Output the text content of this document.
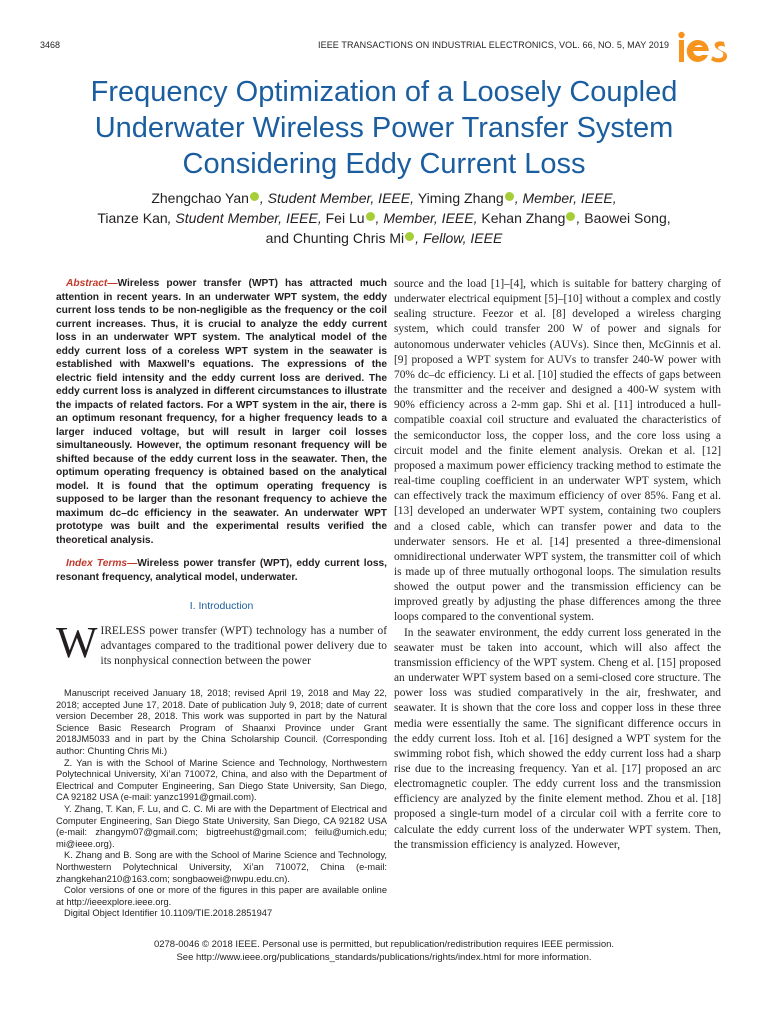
3468	IEEE TRANSACTIONS ON INDUSTRIAL ELECTRONICS, VOL. 66, NO. 5, MAY 2019
Frequency Optimization of a Loosely Coupled
Underwater Wireless Power Transfer System
Considering Eddy Current Loss
Zhengchao Yan , Student Member, IEEE, Yiming Zhang , Member, IEEE,
Tianze Kan, Student Member, IEEE, Fei Lu , Member, IEEE, Kehan Zhang , Baowei Song,
and Chunting Chris Mi , Fellow, IEEE

Abstract—Wireless power transfer (WPT) has attracted much attention in recent years. In an underwater WPT system, the eddy current loss tends to be non-negligible as the frequency or the coil current increases. Thus, it is crucial to analyze the eddy current loss in an underwater WPT system. The analytical model of the eddy current loss of a coreless WPT system in the seawater is established with Maxwell’s equations. The expressions of the electric field intensity and the eddy current loss are derived. The eddy current loss is analyzed in different circumstances to illustrate the impacts of related factors. For a WPT system in the air, there is an optimum resonant frequency, for a higher frequency leads to a larger induced voltage, but will result in larger coil losses simultaneously. However, the optimum resonant frequency will be shifted because of the eddy current loss in the seawater. Then, the optimum operating frequency is obtained based on the analytical model. It is found that the optimum operating frequency is supposed to be larger than the resonant frequency to achieve the maximum dc–dc efficiency in the seawater. An underwater WPT prototype was built and the experimental results verified the theoretical analysis.

Index Terms—Wireless power transfer (WPT), eddy current loss, resonant frequency, analytical model, underwater.

I. Introduction

WIRELESS power transfer (WPT) technology has a number of advantages compared to the traditional power delivery due to its nonphysical connection between the power

Manuscript received January 18, 2018; revised April 19, 2018 and May 22, 2018; accepted June 17, 2018. Date of publication July 9, 2018; date of current version December 28, 2018. This work was supported in part by the Natural Science Basic Research Program of Shaanxi Province under Grant 2018JM5033 and in part by the China Scholarship Council. (Corresponding author: Chunting Chris Mi.)

Z. Yan is with the School of Marine Science and Technology, Northwestern Polytechnical University, Xi’an 710072, China, and also with the Department of Electrical and Computer Engineering, San Diego State University, San Diego, CA 92182 USA (e-mail: yanzc1991@gmail.com).

Y. Zhang, T. Kan, F. Lu, and C. C. Mi are with the Department of Electrical and Computer Engineering, San Diego State University, San Diego, CA 92182 USA (e-mail: zhangym07@gmail.com; bigtreehust@gmail.com; feilu@umich.edu; mi@ieee.org).

K. Zhang and B. Song are with the School of Marine Science and Technology, Northwestern Polytechnical University, Xi’an 710072, China (e-mail: zhangkehan210@163.com; songbaowei@nwpu.edu.cn).

Color versions of one or more of the figures in this paper are available online at http://ieeexplore.ieee.org.

Digital Object Identifier 10.1109/TIE.2018.2851947

source and the load [1]–[4], which is suitable for battery charging of underwater electrical equipment [5]–[10] without a complex and costly sealing structure. Feezor et al. [8] developed a wireless charging system, which could transfer 200 W of power and signals for autonomous underwater vehicles (AUVs). Since then, McGinnis et al. [9] proposed a WPT system for AUVs to transfer 240-W power with 70% dc–dc efficiency. Li et al. [10] studied the effects of gaps between the transmitter and the receiver and designed a 400-W system with 90% efficiency across a 2-mm gap. Shi et al. [11] introduced a hull-compatible coaxial coil structure and evaluated the characteristics of the semiconductor loss, the copper loss, and the core loss using a circuit model and the finite element analysis. Orekan et al. [12] proposed a maximum power efficiency tracking method to estimate the real-time coupling coefficient in an underwater WPT system, which can effectively track the maximum efficiency of over 85%. Fang et al. [13] developed an underwater WPT system, containing two couplers and a closed cable, which can transfer power and data to the underwater sensors. He et al. [14] presented a three-dimensional omnidirectional underwater WPT system, the transmitter coil of which is made up of three mutually orthogonal loops. The simulation results showed the output power and the transmission efficiency can be improved greatly by adjusting the phase differences among the three loops compared to the conventional system.

In the seawater environment, the eddy current loss generated in the seawater must be taken into account, which will also affect the transmission efficiency of the WPT system. Cheng et al. [15] proposed an underwater WPT system based on a semi-closed core structure. The power loss was studied comparatively in the air, freshwater, and seawater. It is shown that the core loss and copper loss in these three media were essentially the same. The significant difference occurs in the eddy current loss. Itoh et al. [16] designed a WPT system for the swimming robot fish, which showed the eddy current loss had a sharp rise due to the increasing frequency. Yan et al. [17] proposed an arc electromagnetic coupler. The eddy current loss and the transmission efficiency are analyzed by the finite element method. Zhou et al. [18] proposed a single-turn model of a circular coil with a ferrite core to calculate the eddy current loss of the underwater WPT system. Then, the transmission efficiency is analyzed. However,

0278-0046 © 2018 IEEE. Personal use is permitted, but republication/redistribution requires IEEE permission.
See http://www.ieee.org/publications_standards/publications/rights/index.html for more information.
